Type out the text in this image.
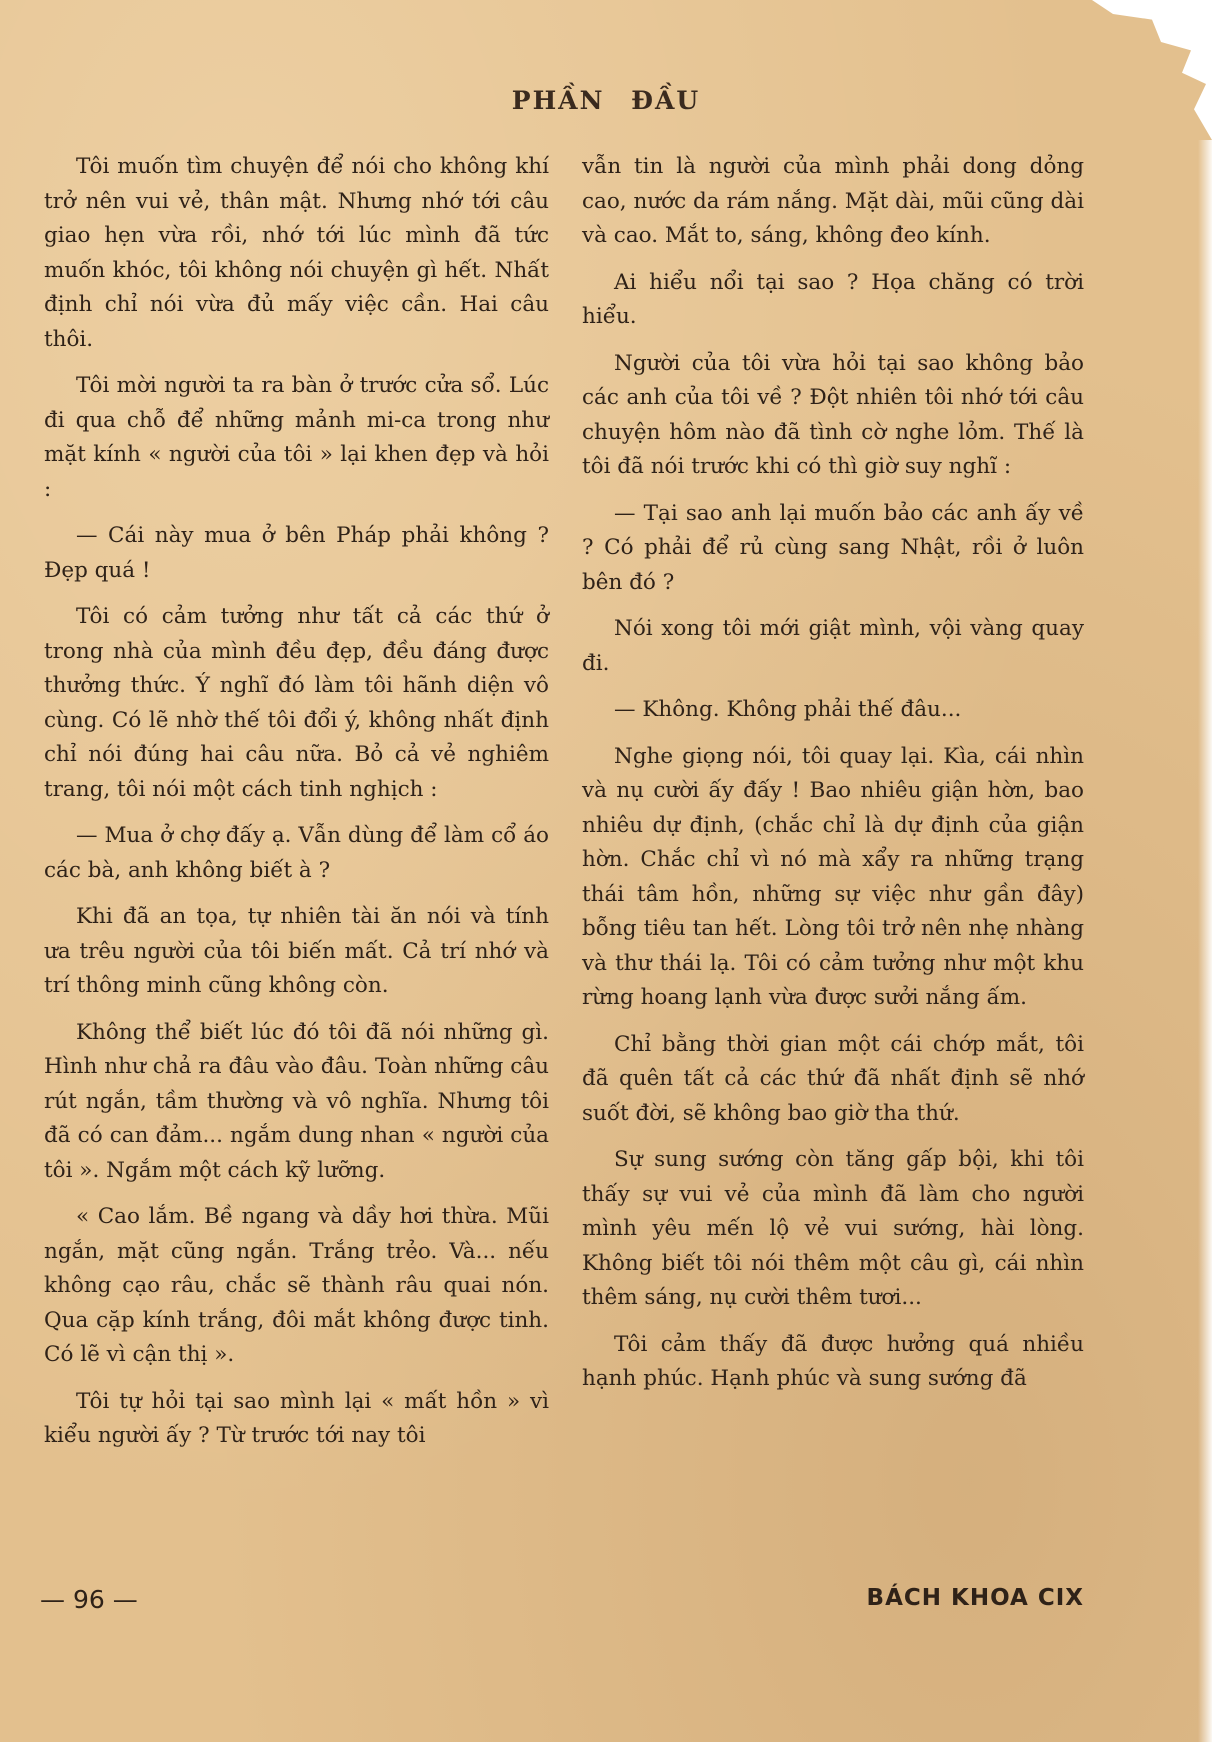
PHẦN ĐẦU

Tôi muốn tìm chuyện để nói cho không khí trở nên vui vẻ, thân mật. Nhưng nhớ tới câu giao hẹn vừa rồi, nhớ tới lúc mình đã tức muốn khóc, tôi không nói chuyện gì hết. Nhất định chỉ nói vừa đủ mấy việc cần. Hai câu thôi.

Tôi mời người ta ra bàn ở trước cửa sổ. Lúc đi qua chỗ để những mảnh mi-ca trong như mặt kính « người của tôi » lại khen đẹp và hỏi :

— Cái này mua ở bên Pháp phải không ? Đẹp quá !

Tôi có cảm tưởng như tất cả các thứ ở trong nhà của mình đều đẹp, đều đáng được thưởng thức. Ý nghĩ đó làm tôi hãnh diện vô cùng. Có lẽ nhờ thế tôi đổi ý, không nhất định chỉ nói đúng hai câu nữa. Bỏ cả vẻ nghiêm trang, tôi nói một cách tinh nghịch :

— Mua ở chợ đấy ạ. Vẫn dùng để làm cổ áo các bà, anh không biết à ?

Khi đã an tọa, tự nhiên tài ăn nói và tính ưa trêu người của tôi biến mất. Cả trí nhớ và trí thông minh cũng không còn.

Không thể biết lúc đó tôi đã nói những gì. Hình như chả ra đâu vào đâu. Toàn những câu rút ngắn, tầm thường và vô nghĩa. Nhưng tôi đã có can đảm... ngắm dung nhan « người của tôi ». Ngắm một cách kỹ lưỡng.

« Cao lắm. Bề ngang và dầy hơi thừa. Mũi ngắn, mặt cũng ngắn. Trắng trẻo. Và... nếu không cạo râu, chắc sẽ thành râu quai nón. Qua cặp kính trắng, đôi mắt không được tinh. Có lẽ vì cận thị ».

Tôi tự hỏi tại sao mình lại « mất hồn » vì kiểu người ấy ? Từ trước tới nay tôi

vẫn tin là người của mình phải dong dỏng cao, nước da rám nắng. Mặt dài, mũi cũng dài và cao. Mắt to, sáng, không đeo kính.

Ai hiểu nổi tại sao ? Họa chăng có trời hiểu.

Người của tôi vừa hỏi tại sao không bảo các anh của tôi về ? Đột nhiên tôi nhớ tới câu chuyện hôm nào đã tình cờ nghe lỏm. Thế là tôi đã nói trước khi có thì giờ suy nghĩ :

— Tại sao anh lại muốn bảo các anh ấy về ? Có phải để rủ cùng sang Nhật, rồi ở luôn bên đó ?

Nói xong tôi mới giật mình, vội vàng quay đi.

— Không. Không phải thế đâu...

Nghe giọng nói, tôi quay lại. Kìa, cái nhìn và nụ cười ấy đấy ! Bao nhiêu giận hờn, bao nhiêu dự định, (chắc chỉ là dự định của giận hờn. Chắc chỉ vì nó mà xẩy ra những trạng thái tâm hồn, những sự việc như gần đây) bỗng tiêu tan hết. Lòng tôi trở nên nhẹ nhàng và thư thái lạ. Tôi có cảm tưởng như một khu rừng hoang lạnh vừa được sưởi nắng ấm.

Chỉ bằng thời gian một cái chớp mắt, tôi đã quên tất cả các thứ đã nhất định sẽ nhớ suốt đời, sẽ không bao giờ tha thứ.

Sự sung sướng còn tăng gấp bội, khi tôi thấy sự vui vẻ của mình đã làm cho người mình yêu mến lộ vẻ vui sướng, hài lòng. Không biết tôi nói thêm một câu gì, cái nhìn thêm sáng, nụ cười thêm tươi...

Tôi cảm thấy đã được hưởng quá nhiều hạnh phúc. Hạnh phúc và sung sướng đã

— 96 —	BÁCH KHOA CIX
